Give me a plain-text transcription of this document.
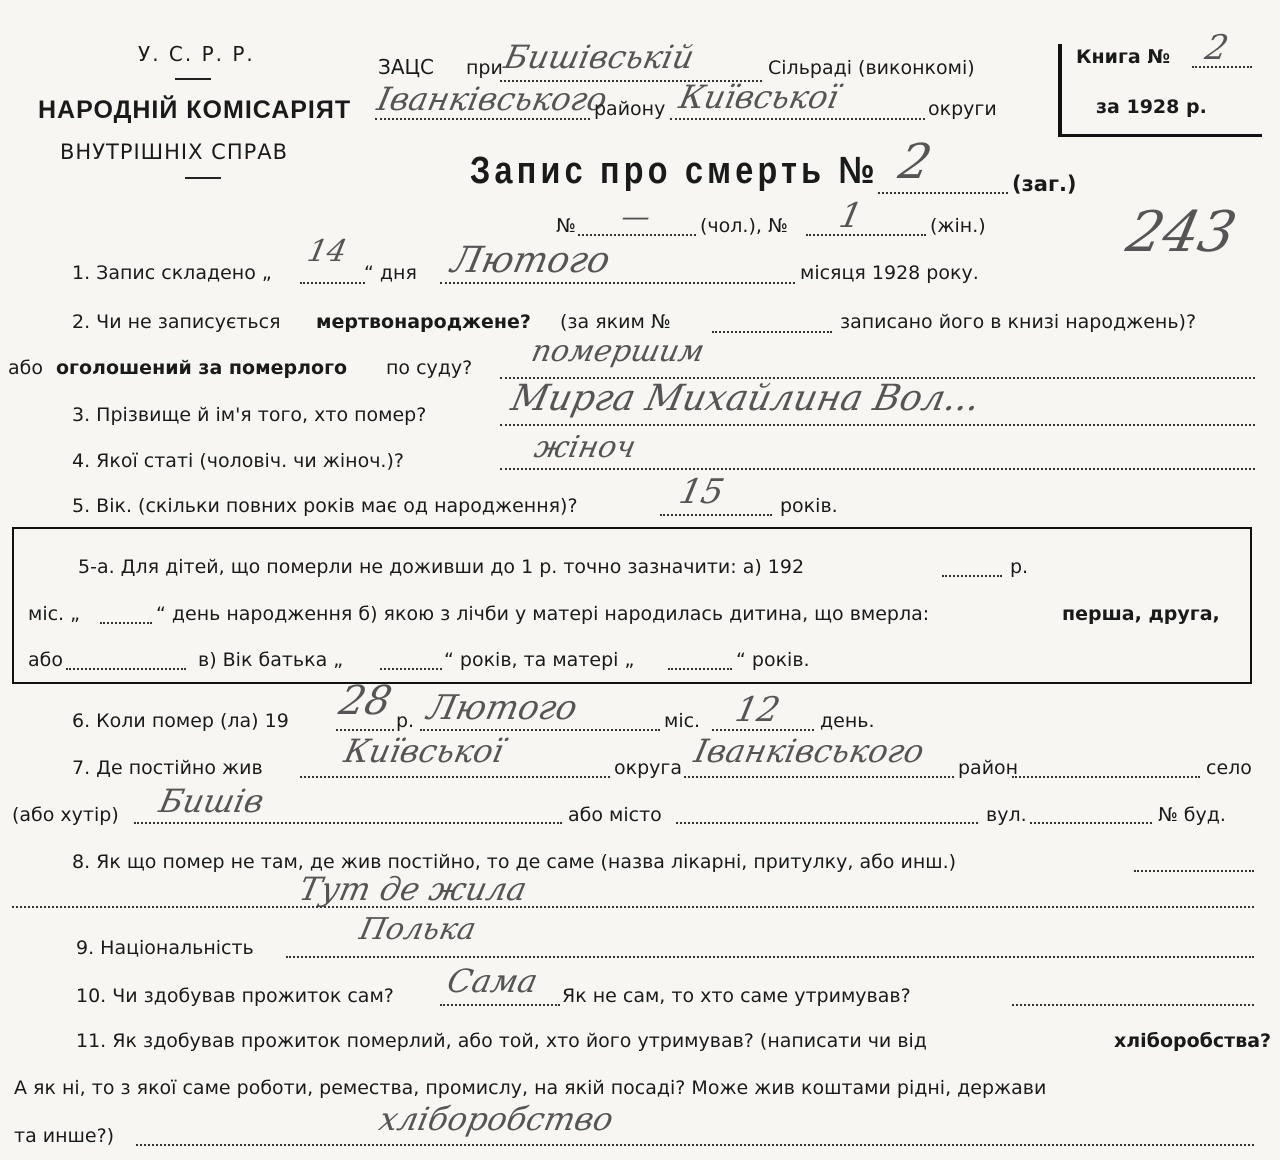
У. С. Р. Р.
НАРОДНІЙ КОМІСАРІЯТ
ВНУТРІШНІХ СПРАВ
ЗАЦС при
Бишівській	Сільраді (виконкомі)
Іванківського
району Київської	округи
Книга № 2
за 1928 р.
Запис про смерть № 2	(заг.)
№ — (чол.), № 1	(жін.) 243
1. Запис складено „
14
“ дня Лютого	місяця 1928 року.
2. Чи не записується мертвонароджене? (за яким №	записано його в книзі народжень)?
або оголошений за померлого по суду? помершим
3. Прізвище й ім'я того, хто помер? Мирга Михайлина Вол...
4. Якої статі (чоловіч. чи жіноч.)?	жіноч
5. Вік. (скільки повних років має од народження)?	15	років.
5-а. Для дітей, що померли не доживши до 1 р. точно зазначити: а) 192	р.
міс. „	“ день народження б) якою з лічби у матері народилась дитина, що вмерла:	перша, друга,
або	в) Вік батька „	“ років, та матері „	“ років.
6. Коли помер (ла) 19 28 р. Лютого	міс. 12 день.
7. Де постійно жив Київської	округа Іванківського район	село
(або хутір) Бишів	або місто	вул.	№ буд.
8. Як що помер не там, де жив постійно, то де саме (назва лікарні, притулку, або инш.)
Тут де жила
9. Національність
Полька
10. Чи здобував прожиток сам? Сама Як не сам, то хто саме утримував?
11. Як здобував прожиток померлий, або той, хто його утримував? (написати чи від	хліборобства?
А як ні, то з якої саме роботи, ремества, промислу, на якій посаді? Може жив коштами рідні, держави
та инше?)	хліборобство
